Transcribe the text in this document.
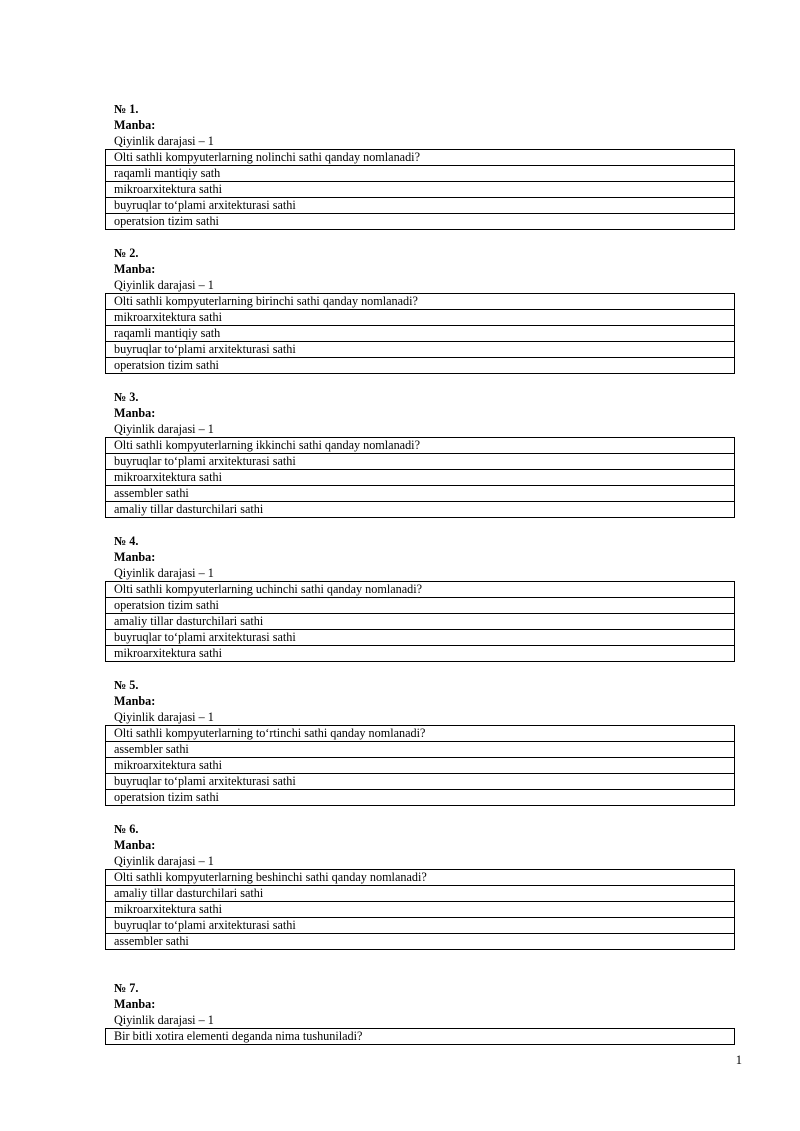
№ 1.
Manba:
Qiyinlik darajasi – 1
Olti sathli kompyuterlarning nolinchi sathi qanday nomlanadi?
raqamli mantiqiy sath
mikroarxitektura sathi
buyruqlar to‘plami arxitekturasi sathi
operatsion tizim sathi
№ 2.
Manba:
Qiyinlik darajasi – 1
Olti sathli kompyuterlarning birinchi sathi qanday nomlanadi?
mikroarxitektura sathi
raqamli mantiqiy sath
buyruqlar to‘plami arxitekturasi sathi
operatsion tizim sathi
№ 3.
Manba:
Qiyinlik darajasi – 1
Olti sathli kompyuterlarning ikkinchi sathi qanday nomlanadi?
buyruqlar to‘plami arxitekturasi sathi
mikroarxitektura sathi
assembler sathi
amaliy tillar dasturchilari sathi
№ 4.
Manba:
Qiyinlik darajasi – 1
Olti sathli kompyuterlarning uchinchi sathi qanday nomlanadi?
operatsion tizim sathi
amaliy tillar dasturchilari sathi
buyruqlar to‘plami arxitekturasi sathi
mikroarxitektura sathi
№ 5.
Manba:
Qiyinlik darajasi – 1
Olti sathli kompyuterlarning to‘rtinchi sathi qanday nomlanadi?
assembler sathi
mikroarxitektura sathi
buyruqlar to‘plami arxitekturasi sathi
operatsion tizim sathi
№ 6.
Manba:
Qiyinlik darajasi – 1
Olti sathli kompyuterlarning beshinchi sathi qanday nomlanadi?
amaliy tillar dasturchilari sathi
mikroarxitektura sathi
buyruqlar to‘plami arxitekturasi sathi
assembler sathi
№ 7.
Manba:
Qiyinlik darajasi – 1
Bir bitli xotira elementi deganda nima tushuniladi?
1
